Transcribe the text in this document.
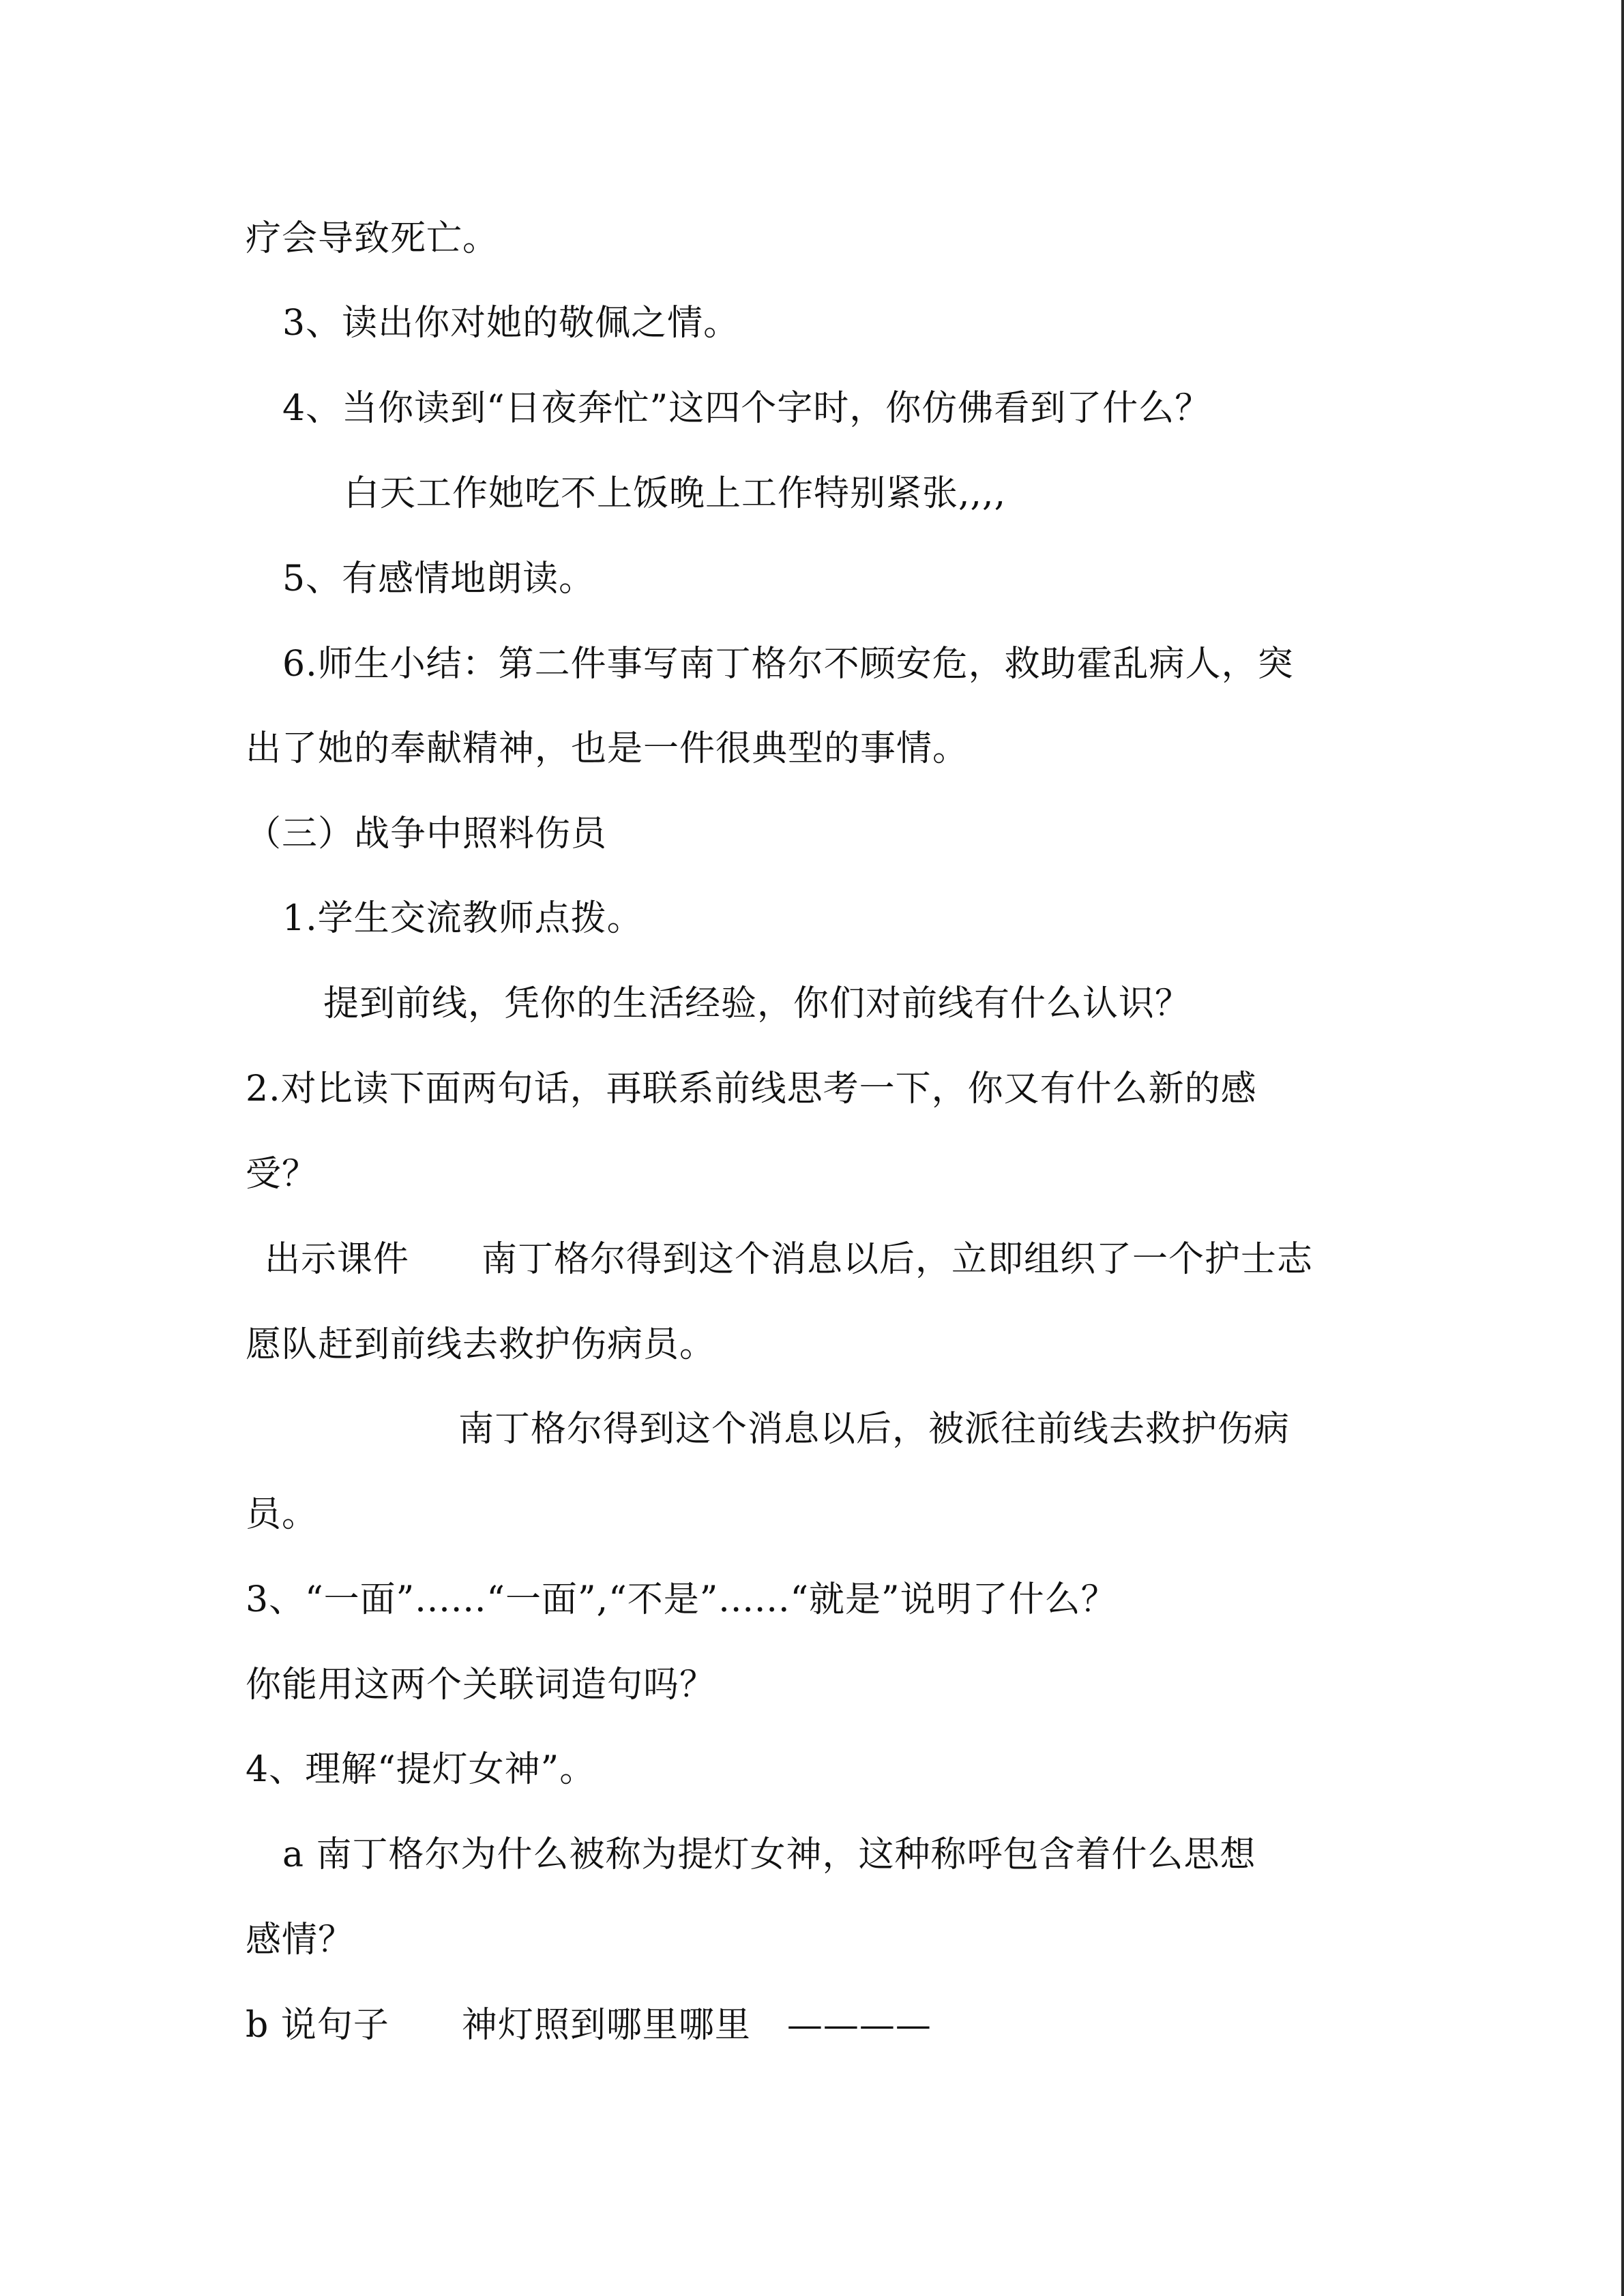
疗会导致死亡。
3、读出你对她的敬佩之情。
4、当你读到“日夜奔忙”这四个字时，你仿佛看到了什么？
白天工作她吃不上饭晚上工作特别紧张,,,,
5、有感情地朗读。
6.师生小结：第二件事写南丁格尔不顾安危，救助霍乱病人，突
出了她的奉献精神，也是一件很典型的事情。
（三）战争中照料伤员
1.学生交流教师点拨。
提到前线，凭你的生活经验，你们对前线有什么认识？
2.对比读下面两句话，再联系前线思考一下，你又有什么新的感
受？
出示课件　　南丁格尔得到这个消息以后，立即组织了一个护士志
愿队赶到前线去救护伤病员。
南丁格尔得到这个消息以后，被派往前线去救护伤病
员。
3、“一面”......“一面”,“不是”......“就是”说明了什么？
你能用这两个关联词造句吗？
4、理解“提灯女神”。
a 南丁格尔为什么被称为提灯女神，这种称呼包含着什么思想
感情？
b 说句子　　神灯照到哪里哪里　————
